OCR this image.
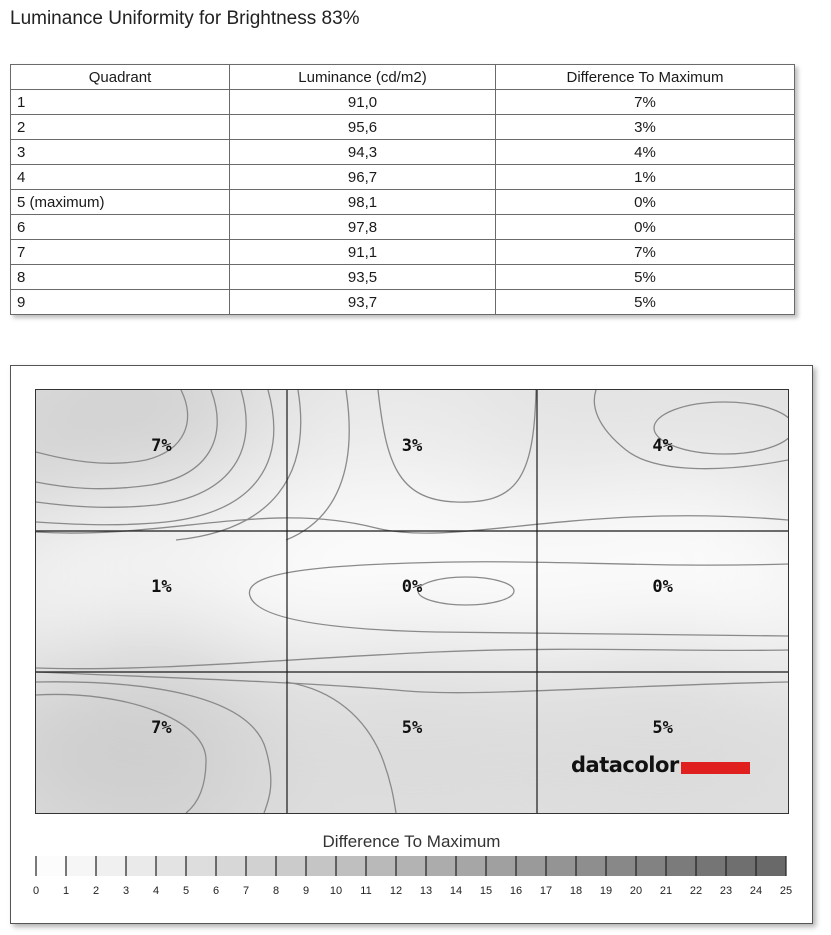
Luminance Uniformity for Brightness 83%
Quadrant	Luminance (cd/m2)	Difference To Maximum
1	91,0	7%
2	95,6	3%
3	94,3	4%
4	96,7	1%
5 (maximum)	98,1	0%
6	97,8	0%
7	91,1	7%
8	93,5	5%
9	93,7	5%
7%	3%	4%
1%	0%	0%
7%	5%	5%
datacolor
Difference To Maximum
0 1 2 3 4 5 6 7 8 9 10 11 12 13 14 15 16 17 18 19 20 21 22 23 24 25
